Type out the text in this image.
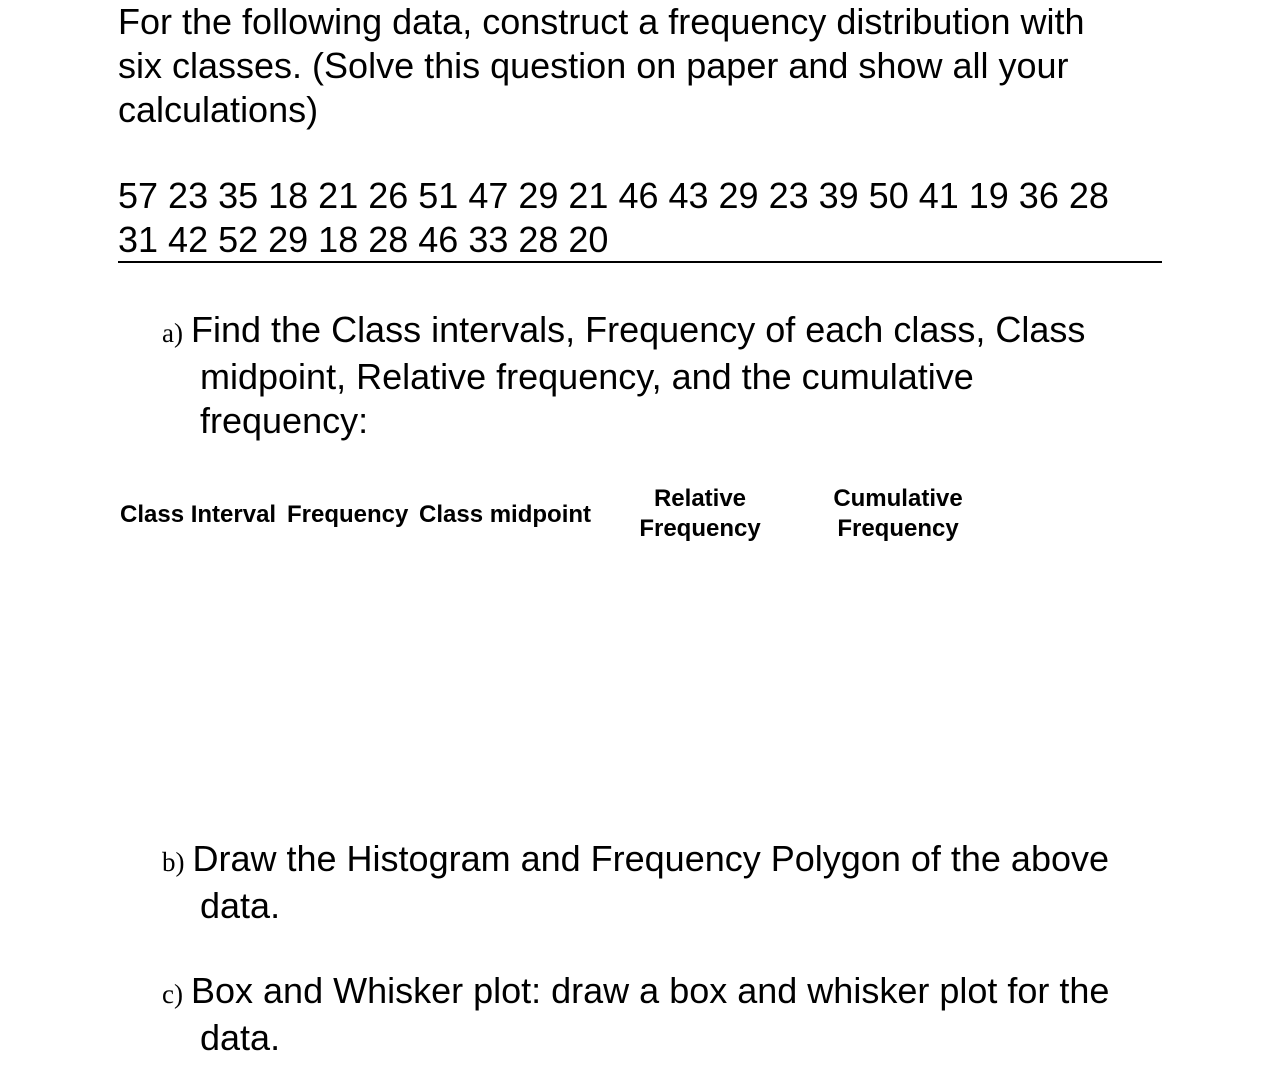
For the following data, construct a frequency distribution with
six classes. (Solve this question on paper and show all your
calculations)
57 23 35 18 21 26 51 47 29 21 46 43 29 23 39 50 41 19 36 28
31 42 52 29 18 28 46 33 28 20
a) Find the Class intervals, Frequency of each class, Class
midpoint, Relative frequency, and the cumulative
frequency:
Class Interval Frequency Class midpoint
Relative
Frequency
Cumulative
Frequency
b) Draw the Histogram and Frequency Polygon of the above
data.
c) Box and Whisker plot: draw a box and whisker plot for the
data.
